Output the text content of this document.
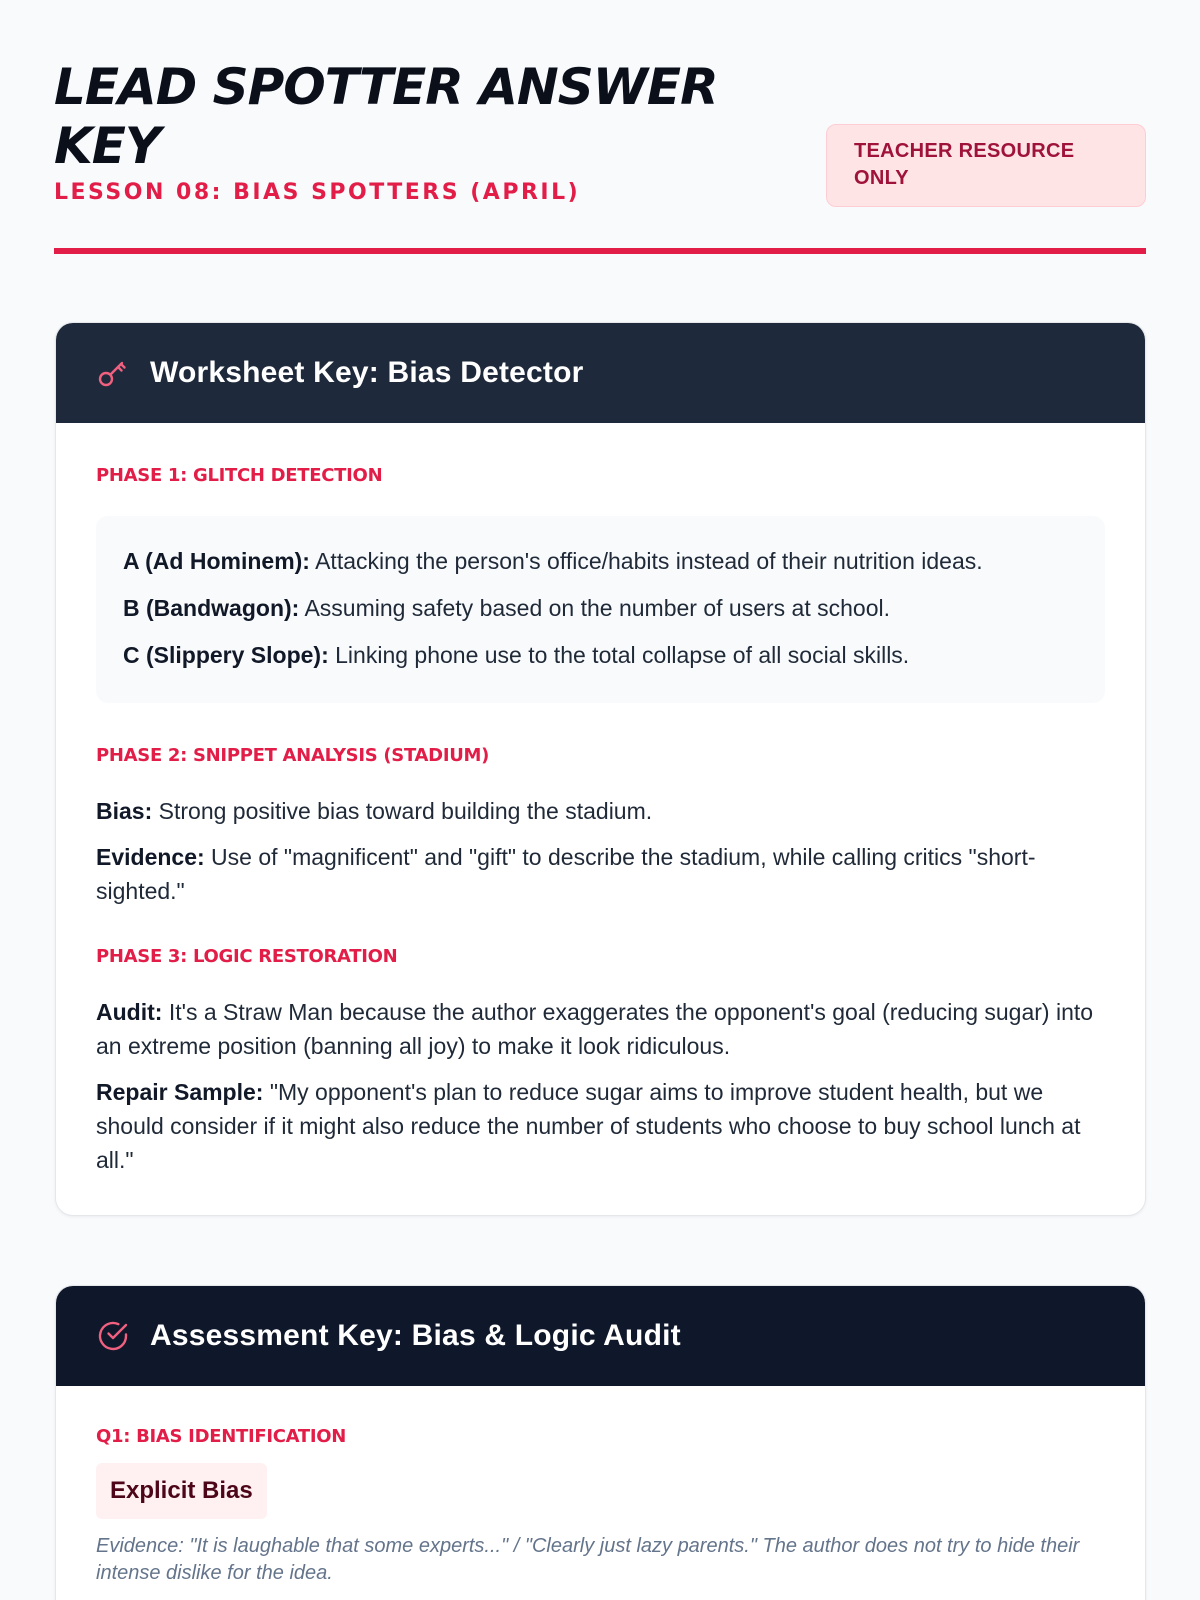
LEAD SPOTTER ANSWER KEY
LESSON 08: BIAS SPOTTERS (APRIL)
TEACHER RESOURCE ONLY
Worksheet Key: Bias Detector
PHASE 1: GLITCH DETECTION
A (Ad Hominem): Attacking the person's office/habits instead of their nutrition ideas.
B (Bandwagon): Assuming safety based on the number of users at school.
C (Slippery Slope): Linking phone use to the total collapse of all social skills.
PHASE 2: SNIPPET ANALYSIS (STADIUM)

Bias: Strong positive bias toward building the stadium.

Evidence: Use of "magnificent" and "gift" to describe the stadium, while calling critics "short-sighted."

PHASE 3: LOGIC RESTORATION

Audit: It's a Straw Man because the author exaggerates the opponent's goal (reducing sugar) into an extreme position (banning all joy) to make it look ridiculous.

Repair Sample: "My opponent's plan to reduce sugar aims to improve student health, but we should consider if it might also reduce the number of students who choose to buy school lunch at all."

Assessment Key: Bias & Logic Audit
Q1: BIAS IDENTIFICATION
Explicit Bias

Evidence: "It is laughable that some experts..." / "Clearly just lazy parents." The author does not try to hide their intense dislike for the idea.
